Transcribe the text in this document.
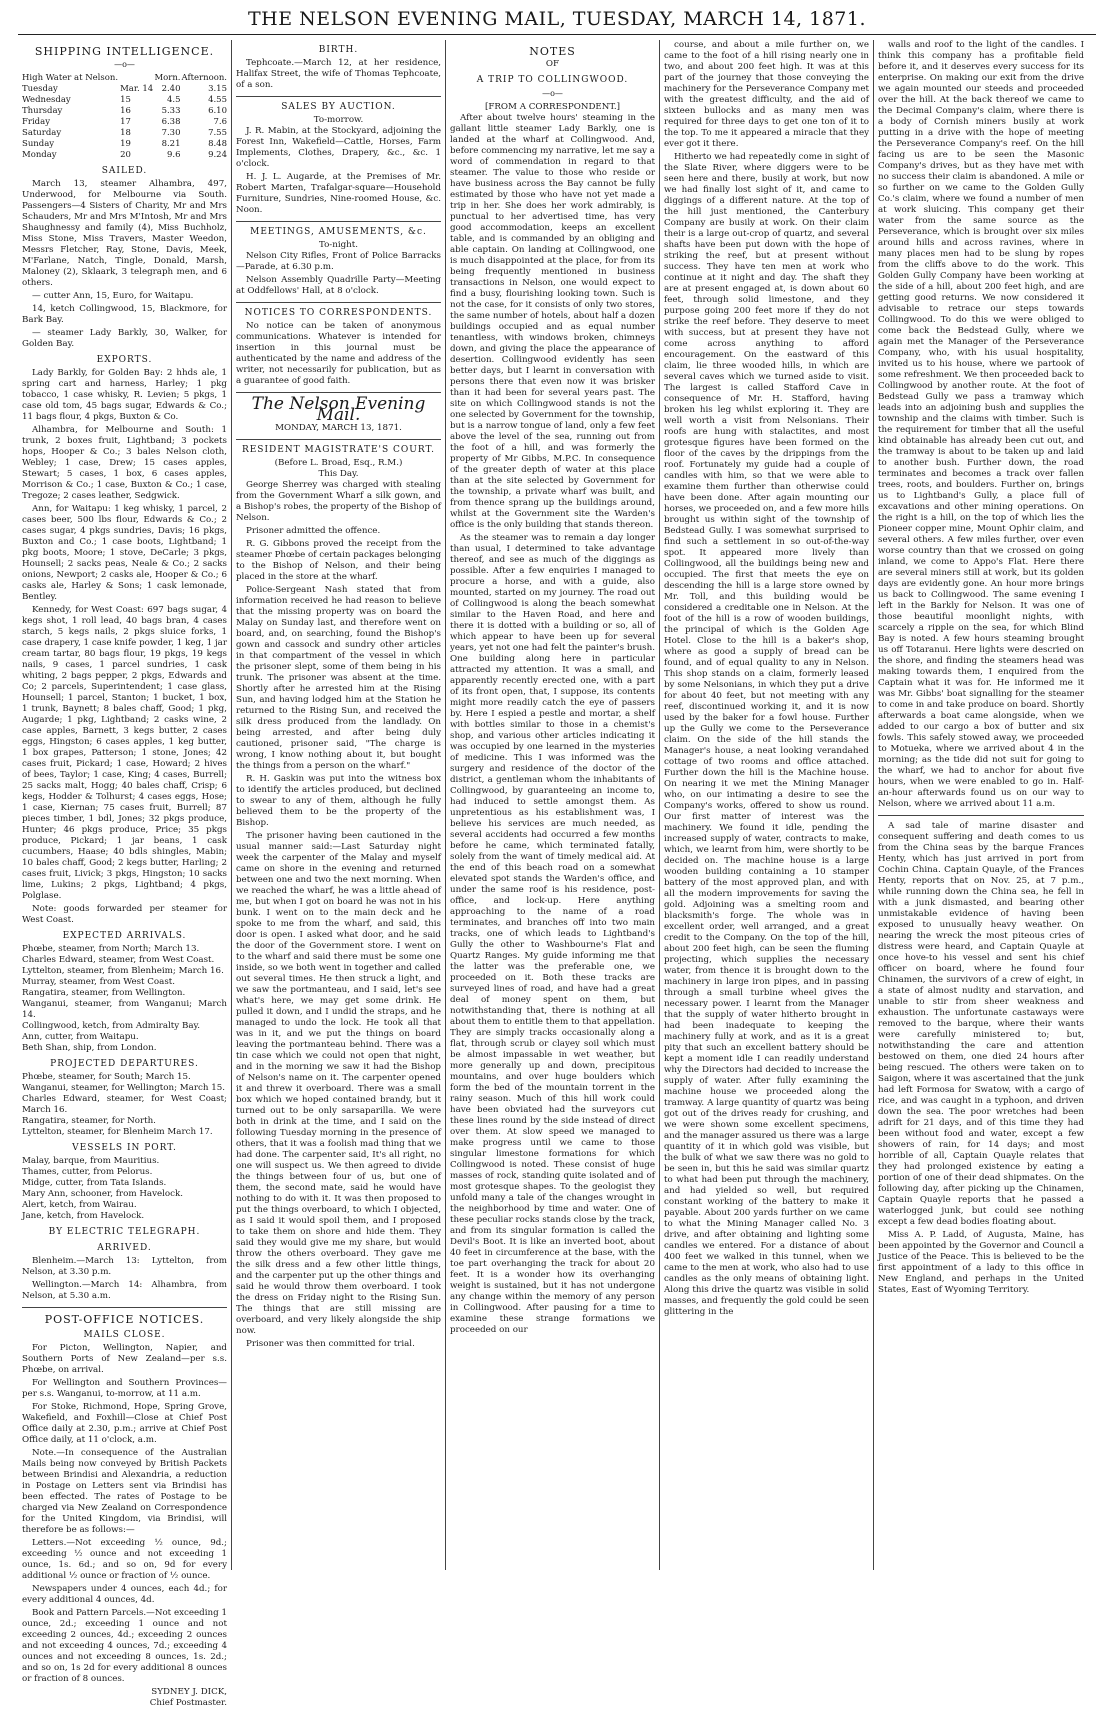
THE NELSON EVENING MAIL, TUESDAY, MARCH 14, 1871.
SHIPPING INTELLIGENCE.
—o—
High Water at Nelson.		Morn.	Afternoon.
Tuesday	Mar. 14	2.40	3.15
Wednesday	15	4.5	4.55
Thursday	16	5.33	6.10
Friday	17	6.38	7.6
Saturday	18	7.30	7.55
Sunday	19	8.21	8.48
Monday	20	9.6	9.24
SAILED.

March 13, steamer Alhambra, 497, Underwood, for Melbourne via South. Passengers—4 Sisters of Charity, Mr and Mrs Schauders, Mr and Mrs M'Intosh, Mr and Mrs Shaughnessy and family (4), Miss Buchholz, Miss Stone, Miss Travers, Master Weedon, Messrs Fletcher, Ray, Stone, Davis, Meek, M'Farlane, Natch, Tingle, Donald, Marsh, Maloney (2), Sklaark, 3 telegraph men, and 6 others.

— cutter Ann, 15, Euro, for Waitapu.

14, ketch Collingwood, 15, Blackmore, for Bark Bay.

— steamer Lady Barkly, 30, Walker, for Golden Bay.

EXPORTS.

Lady Barkly, for Golden Bay: 2 hhds ale, 1 spring cart and harness, Harley; 1 pkg tobacco, 1 case whisky, R. Levien; 5 pkgs, 1 case old tom, 45 bags sugar, Edwards & Co.; 11 bags flour, 4 pkgs, Buxton & Co.

Alhambra, for Melbourne and South: 1 trunk, 2 boxes fruit, Lightband; 3 pockets hops, Hooper & Co.; 3 bales Nelson cloth, Webley; 1 case, Drew; 15 cases apples, Stewart; 5 cases, 1 box, 6 cases apples, Morrison & Co.; 1 case, Buxton & Co.; 1 case, Tregoze; 2 cases leather, Sedgwick.

Ann, for Waitapu: 1 keg whisky, 1 parcel, 2 cases beer, 500 lbs flour, Edwards & Co.; 2 cases sugar, 4 pkgs sundries, Davis; 16 pkgs, Buxton and Co.; 1 case boots, Lightband; 1 pkg boots, Moore; 1 stove, DeCarle; 3 pkgs, Hounsell; 2 sacks peas, Neale & Co.; 2 sacks onions, Newport; 2 casks ale, Hooper & Co.; 6 casks ale, Harley & Sons; 1 cask lemonade, Bentley.

Kennedy, for West Coast: 697 bags sugar, 4 kegs shot, 1 roll lead, 40 bags bran, 4 cases starch, 5 kegs nails, 2 pkgs sluice forks, 1 case drapery, 1 case knife powder, 1 keg, 1 jar cream tartar, 80 bags flour, 19 pkgs, 19 kegs nails, 9 cases, 1 parcel sundries, 1 cask whiting, 2 bags pepper, 2 pkgs, Edwards and Co; 2 parcels, Superintendent; 1 case glass, Hounsell; 1 parcel, Stanton; 1 bucket, 1 box, 1 trunk, Baynett; 8 bales chaff, Good; 1 pkg, Augarde; 1 pkg, Lightband; 2 casks wine, 2 case apples, Barnett, 3 kegs butter, 2 cases eggs, Hingston; 6 cases apples, 1 keg butter, 1 box grapes, Patterson; 1 stone, Jones; 42 cases fruit, Pickard; 1 case, Howard; 2 hives of bees, Taylor; 1 case, King; 4 cases, Burrell; 25 sacks malt, Hogg; 40 bales chaff, Crisp; 6 kegs, Hodder & Tolhurst; 4 cases eggs, Hose; 1 case, Kiernan; 75 cases fruit, Burrell; 87 pieces timber, 1 bdl, Jones; 32 pkgs produce, Hunter; 46 pkgs produce, Price; 35 pkgs produce, Pickard; 1 jar beans, 1 cask cucumbers, Haase; 40 bdls shingles, Mabin; 10 bales chaff, Good; 2 kegs butter, Harling; 2 cases fruit, Livick; 3 pkgs, Hingston; 10 sacks lime, Lukins; 2 pkgs, Lightband; 4 pkgs, Polglase.

Note: goods forwarded per steamer for West Coast.

EXPECTED ARRIVALS.
Phœbe, steamer, from North; March 13.
Charles Edward, steamer, from West Coast.
Lyttelton, steamer, from Blenheim; March 16.
Murray, steamer, from West Coast.
Rangatira, steamer, from Wellington.
Wanganui, steamer, from Wanganui; March 14.
Collingwood, ketch, from Admiralty Bay.
Ann, cutter, from Waitapu.
Beth Shan, ship, from London.
PROJECTED DEPARTURES.
Phœbe, steamer, for South; March 15.
Wanganui, steamer, for Wellington; March 15.
Charles Edward, steamer, for West Coast; March 16.
Rangatira, steamer, for North.
Lyttelton, steamer, for Blenheim March 17.
VESSELS IN PORT.
Malay, barque, from Mauritius.
Thames, cutter, from Pelorus.
Midge, cutter, from Tata Islands.
Mary Ann, schooner, from Havelock.
Alert, ketch, from Wairau.
Jane, ketch, from Havelock.
BY ELECTRIC TELEGRAPH.
ARRIVED.

Blenheim.—March 13: Lyttelton, from Nelson, at 3.30 p.m.

Wellington.—March 14: Alhambra, from Nelson, at 5.30 a.m.

POST-OFFICE NOTICES.
MAILS CLOSE.

For Picton, Wellington, Napier, and Southern Ports of New Zealand—per s.s. Phœbe, on arrival.

For Wellington and Southern Provinces—per s.s. Wanganui, to-morrow, at 11 a.m.

For Stoke, Richmond, Hope, Spring Grove, Wakefield, and Foxhill—Close at Chief Post Office daily at 2.30, p.m.; arrive at Chief Post Office daily, at 11 o'clock, a.m.

Note.—In consequence of the Australian Mails being now conveyed by British Packets between Brindisi and Alexandria, a reduction in Postage on Letters sent via Brindisi has been effected. The rates of Postage to be charged via New Zealand on Correspondence for the United Kingdom, via Brindisi, will therefore be as follows:—

Letters.—Not exceeding ½ ounce, 9d.; exceeding ½ ounce and not exceeding 1 ounce, 1s. 6d.; and so on, 9d for every additional ½ ounce or fraction of ½ ounce.

Newspapers under 4 ounces, each 4d.; for every additional 4 ounces, 4d.

Book and Pattern Parcels.—Not exceeding 1 ounce, 2d.; exceeding 1 ounce and not exceeding 2 ounces, 4d.; exceeding 2 ounces and not exceeding 4 ounces, 7d.; exceeding 4 ounces and not exceeding 8 ounces, 1s. 2d.; and so on, 1s 2d for every additional 8 ounces or fraction of 8 ounces.

SYDNEY J. DICK,
Chief Postmaster.
BIRTH.

Tephcoate.—March 12, at her residence, Halifax Street, the wife of Thomas Tephcoate, of a son.

SALES BY AUCTION.
To-morrow.

J. R. Mabin, at the Stockyard, adjoining the Forest Inn, Wakefield—Cattle, Horses, Farm Implements, Clothes, Drapery, &c., &c. 1 o'clock.

H. J. L. Augarde, at the Premises of Mr. Robert Marten, Trafalgar-square—Household Furniture, Sundries, Nine-roomed House, &c. Noon.

MEETINGS, AMUSEMENTS, &c.
To-night.

Nelson City Rifles, Front of Police Barracks—Parade, at 6.30 p.m.

Nelson Assembly Quadrille Party—Meeting at Oddfellows' Hall, at 8 o'clock.

NOTICES TO CORRESPONDENTS.

No notice can be taken of anonymous communications. Whatever is intended for insertion in this journal must be authenticated by the name and address of the writer, not necessarily for publication, but as a guarantee of good faith.

The Nelson Evening Mail.
MONDAY, MARCH 13, 1871.
RESIDENT MAGISTRATE'S COURT.
(Before L. Broad, Esq., R.M.)
This Day.

George Sherrey was charged with stealing from the Government Wharf a silk gown, and a Bishop's robes, the property of the Bishop of Nelson.

Prisoner admitted the offence.

R. G. Gibbons proved the receipt from the steamer Phœbe of certain packages belonging to the Bishop of Nelson, and their being placed in the store at the wharf.

Police-Sergeant Nash stated that from information received he had reason to believe that the missing property was on board the Malay on Sunday last, and therefore went on board, and, on searching, found the Bishop's gown and cassock and sundry other articles in that compartment of the vessel in which the prisoner slept, some of them being in his trunk. The prisoner was absent at the time. Shortly after he arrested him at the Rising Sun, and having lodged him at the Station he returned to the Rising Sun, and received the silk dress produced from the landlady. On being arrested, and after being duly cautioned, prisoner said, "The charge is wrong, I know nothing about it, but bought the things from a person on the wharf."

R. H. Gaskin was put into the witness box to identify the articles produced, but declined to swear to any of them, although he fully believed them to be the property of the Bishop.

The prisoner having been cautioned in the usual manner said:—Last Saturday night week the carpenter of the Malay and myself came on shore in the evening and returned between one and two the next morning. When we reached the wharf, he was a little ahead of me, but when I got on board he was not in his bunk. I went on to the main deck and he spoke to me from the wharf, and said, this door is open. I asked what door, and he said the door of the Government store. I went on to the wharf and said there must be some one inside, so we both went in together and called out several times. He then struck a light, and we saw the portmanteau, and I said, let's see what's here, we may get some drink. He pulled it down, and I undid the straps, and he managed to undo the lock. He took all that was in it, and we put the things on board leaving the portmanteau behind. There was a tin case which we could not open that night, and in the morning we saw it had the Bishop of Nelson's name on it. The carpenter opened it and threw it overboard. There was a small box which we hoped contained brandy, but it turned out to be only sarsaparilla. We were both in drink at the time, and I said on the following Tuesday morning in the presence of others, that it was a foolish mad thing that we had done. The carpenter said, It's all right, no one will suspect us. We then agreed to divide the things between four of us, but one of them, the second mate, said he would have nothing to do with it. It was then proposed to put the things overboard, to which I objected, as I said it would spoil them, and I proposed to take them on shore and hide them. They said they would give me my share, but would throw the others overboard. They gave me the silk dress and a few other little things, and the carpenter put up the other things and said he would throw them overboard. I took the dress on Friday night to the Rising Sun. The things that are still missing are overboard, and very likely alongside the ship now.

Prisoner was then committed for trial.

NOTES
OF
A TRIP TO COLLINGWOOD.
—o—
[FROM A CORRESPONDENT.]

After about twelve hours' steaming in the gallant little steamer Lady Barkly, one is landed at the wharf at Collingwood. And, before commencing my narrative, let me say a word of commendation in regard to that steamer. The value to those who reside or have business across the Bay cannot be fully estimated by those who have not yet made a trip in her. She does her work admirably, is punctual to her advertised time, has very good accommodation, keeps an excellent table, and is commanded by an obliging and able captain. On landing at Collingwood, one is much disappointed at the place, for from its being frequently mentioned in business transactions in Nelson, one would expect to find a busy, flourishing looking town. Such is not the case, for it consists of only two stores, the same number of hotels, about half a dozen buildings occupied and as equal number tenantless, with windows broken, chimneys down, and giving the place the appearance of desertion. Collingwood evidently has seen better days, but I learnt in conversation with persons there that even now it was brisker than it had been for several years past. The site on which Collingwood stands is not the one selected by Government for the township, but is a narrow tongue of land, only a few feet above the level of the sea, running out from the foot of a hill, and was formerly the property of Mr Gibbs, M.P.C. In consequence of the greater depth of water at this place than at the site selected by Government for the township, a private wharf was built, and from thence sprang up the buildings around, whilst at the Government site the Warden's office is the only building that stands thereon.

As the steamer was to remain a day longer than usual, I determined to take advantage thereof, and see as much of the diggings as possible. After a few enquiries I managed to procure a horse, and with a guide, also mounted, started on my journey. The road out of Collingwood is along the beach somewhat similar to the Haven Road, and here and there it is dotted with a building or so, all of which appear to have been up for several years, yet not one had felt the painter's brush. One building along here in particular attracted my attention. It was a small, and apparently recently erected one, with a part of its front open, that, I suppose, its contents might more readily catch the eye of passers by. Here I espied a pestle and mortar, a shelf with bottles similar to those in a chemist's shop, and various other articles indicating it was occupied by one learned in the mysteries of medicine. This I was informed was the surgery and residence of the doctor of the district, a gentleman whom the inhabitants of Collingwood, by guaranteeing an income to, had induced to settle amongst them. As unpretentious as his establishment was, I believe his services are much needed, as several accidents had occurred a few months before he came, which terminated fatally, solely from the want of timely medical aid. At the end of this beach road on a somewhat elevated spot stands the Warden's office, and under the same roof is his residence, post-office, and lock-up. Here anything approaching to the name of a road terminates, and branches off into two main tracks, one of which leads to Lightband's Gully the other to Washbourne's Flat and Quartz Ranges. My guide informing me that the latter was the preferable one, we proceeded on it. Both these tracks are surveyed lines of road, and have had a great deal of money spent on them, but notwithstanding that, there is nothing at all about them to entitle them to that appellation. They are simply tracks occasionally along a flat, through scrub or clayey soil which must be almost impassable in wet weather, but more generally up and down, precipitous mountains, and over huge boulders which form the bed of the mountain torrent in the rainy season. Much of this hill work could have been obviated had the surveyors cut these lines round by the side instead of direct over them. At slow speed we managed to make progress until we came to those singular limestone formations for which Collingwood is noted. These consist of huge masses of rock, standing quite isolated and of most grotesque shapes. To the geologist they unfold many a tale of the changes wrought in the neighborhood by time and water. One of these peculiar rocks stands close by the track, and from its singular formation is called the Devil's Boot. It is like an inverted boot, about 40 feet in circumference at the base, with the toe part overhanging the track for about 20 feet. It is a wonder how its overhanging weight is sustained, but it has not undergone any change within the memory of any person in Collingwood. After pausing for a time to examine these strange formations we proceeded on our

course, and about a mile further on, we came to the foot of a hill rising nearly one in two, and about 200 feet high. It was at this part of the journey that those conveying the machinery for the Perseverance Company met with the greatest difficulty, and the aid of sixteen bullocks and as many men was required for three days to get one ton of it to the top. To me it appeared a miracle that they ever got it there.

Hitherto we had repeatedly come in sight of the Slate River, where diggers were to be seen here and there, busily at work, but now we had finally lost sight of it, and came to diggings of a different nature. At the top of the hill just mentioned, the Canterbury Company are busily at work. On their claim their is a large out-crop of quartz, and several shafts have been put down with the hope of striking the reef, but at present without success. They have ten men at work who continue at it night and day. The shaft they are at present engaged at, is down about 60 feet, through solid limestone, and they purpose going 200 feet more if they do not strike the reef before. They deserve to meet with success, but at present they have not come across anything to afford encouragement. On the eastward of this claim, lie three wooded hills, in which are several caves which we turned aside to visit. The largest is called Stafford Cave in consequence of Mr. H. Stafford, having broken his leg whilst exploring it. They are well worth a visit from Nelsonians. Their roofs are hung with stalactites, and most grotesque figures have been formed on the floor of the caves by the drippings from the roof. Fortunately my guide had a couple of candles with him, so that we were able to examine them further than otherwise could have been done. After again mounting our horses, we proceeded on, and a few more hills brought us within sight of the township of Bedstead Gully. I was somewhat surprised to find such a settlement in so out-of-the-way spot. It appeared more lively than Collingwood, all the buildings being new and occupied. The first that meets the eye on descending the hill is a large store owned by Mr. Toll, and this building would be considered a creditable one in Nelson. At the foot of the hill is a row of wooden buildings, the principal of which is the Golden Age Hotel. Close to the hill is a baker's shop, where as good a supply of bread can be found, and of equal quality to any in Nelson. This shop stands on a claim, formerly leased by some Nelsonians, in which they put a drive for about 40 feet, but not meeting with any reef, discontinued working it, and it is now used by the baker for a fowl house. Further up the Gully we come to the Perseverance claim. On the side of the hill stands the Manager's house, a neat looking verandahed cottage of two rooms and office attached. Further down the hill is the Machine house. On nearing it we met the Mining Manager who, on our intimating a desire to see the Company's works, offered to show us round. Our first matter of interest was the machinery. We found it idle, pending the increased supply of water, contracts to make, which, we learnt from him, were shortly to be decided on. The machine house is a large wooden building containing a 10 stamper battery of the most approved plan, and with all the modern improvements for saving the gold. Adjoining was a smelting room and blacksmith's forge. The whole was in excellent order, well arranged, and a great credit to the Company. On the top of the hill, about 200 feet high, can be seen the fluming projecting, which supplies the necessary water, from thence it is brought down to the machinery in large iron pipes, and in passing through a small turbine wheel gives the necessary power. I learnt from the Manager that the supply of water hitherto brought in had been inadequate to keeping the machinery fully at work, and as it is a great pity that such an excellent battery should be kept a moment idle I can readily understand why the Directors had decided to increase the supply of water. After fully examining the machine house we proceeded along the tramway. A large quantity of quartz was being got out of the drives ready for crushing, and we were shown some excellent specimens, and the manager assured us there was a large quantity of it in which gold was visible, but the bulk of what we saw there was no gold to be seen in, but this he said was similar quartz to what had been put through the machinery, and had yielded so well, but required constant working of the battery to make it payable. About 200 yards further on we came to what the Mining Manager called No. 3 drive, and after obtaining and lighting some candles we entered. For a distance of about 400 feet we walked in this tunnel, when we came to the men at work, who also had to use candles as the only means of obtaining light. Along this drive the quartz was visible in solid masses, and frequently the gold could be seen glittering in the

walls and roof to the light of the candles. I think this company has a profitable field before it, and it deserves every success for its enterprise. On making our exit from the drive we again mounted our steeds and proceeded over the hill. At the back thereof we came to the Decimal Company's claim, where there is a body of Cornish miners busily at work putting in a drive with the hope of meeting the Perseverance Company's reef. On the hill facing us are to be seen the Masonic Company's drives, but as they have met with no success their claim is abandoned. A mile or so further on we came to the Golden Gully Co.'s claim, where we found a number of men at work sluicing. This company get their water from the same source as the Perseverance, which is brought over six miles around hills and across ravines, where in many places men had to be slung by ropes from the cliffs above to do the work. This Golden Gully Company have been working at the side of a hill, about 200 feet high, and are getting good returns. We now considered it advisable to retrace our steps towards Collingwood. To do this we were obliged to come back the Bedstead Gully, where we again met the Manager of the Perseverance Company, who, with his usual hospitality, invited us to his house, where we partook of some refreshment. We then proceeded back to Collingwood by another route. At the foot of Bedstead Gully we pass a tramway which leads into an adjoining bush and supplies the township and the claims with timber. Such is the requirement for timber that all the useful kind obtainable has already been cut out, and the tramway is about to be taken up and laid to another bush. Further down, the road terminates and becomes a track over fallen trees, roots, and boulders. Further on, brings us to Lightband's Gully, a place full of excavations and other mining operations. On the right is a hill, on the top of which lies the Pioneer copper mine, Mount Ophir claim, and several others. A few miles further, over even worse country than that we crossed on going inland, we come to Appo's Flat. Here there are several miners still at work, but its golden days are evidently gone. An hour more brings us back to Collingwood. The same evening I left in the Barkly for Nelson. It was one of those beautiful moonlight nights, with scarcely a ripple on the sea, for which Blind Bay is noted. A few hours steaming brought us off Totaranui. Here lights were descried on the shore, and finding the steamers head was making towards them, I enquired from the Captain what it was for. He informed me it was Mr. Gibbs' boat signalling for the steamer to come in and take produce on board. Shortly afterwards a boat came alongside, when we added to our cargo a box of butter and six fowls. This safely stowed away, we proceeded to Motueka, where we arrived about 4 in the morning; as the tide did not suit for going to the wharf, we had to anchor for about five hours, when we were enabled to go in. Half-an-hour afterwards found us on our way to Nelson, where we arrived about 11 a.m.

A sad tale of marine disaster and consequent suffering and death comes to us from the China seas by the barque Frances Henty, which has just arrived in port from Cochin China. Captain Quayle, of the Frances Henty, reports that on Nov. 25, at 7 p.m., while running down the China sea, he fell in with a junk dismasted, and bearing other unmistakable evidence of having been exposed to unusually heavy weather. On nearing the wreck the most piteous cries of distress were heard, and Captain Quayle at once hove-to his vessel and sent his chief officer on board, where he found four Chinamen, the survivors of a crew of eight, in a state of almost nudity and starvation, and unable to stir from sheer weakness and exhaustion. The unfortunate castaways were removed to the barque, where their wants were carefully ministered to; but, notwithstanding the care and attention bestowed on them, one died 24 hours after being rescued. The others were taken on to Saigon, where it was ascertained that the junk had left Formosa for Swatow, with a cargo of rice, and was caught in a typhoon, and driven down the sea. The poor wretches had been adrift for 21 days, and of this time they had been without food and water, except a few showers of rain, for 14 days; and most horrible of all, Captain Quayle relates that they had prolonged existence by eating a portion of one of their dead shipmates. On the following day, after picking up the Chinamen, Captain Quayle reports that he passed a waterlogged junk, but could see nothing except a few dead bodies floating about.

Miss A. P. Ladd, of Augusta, Maine, has been appointed by the Governor and Council a Justice of the Peace. This is believed to be the first appointment of a lady to this office in New England, and perhaps in the United States, East of Wyoming Territory.
